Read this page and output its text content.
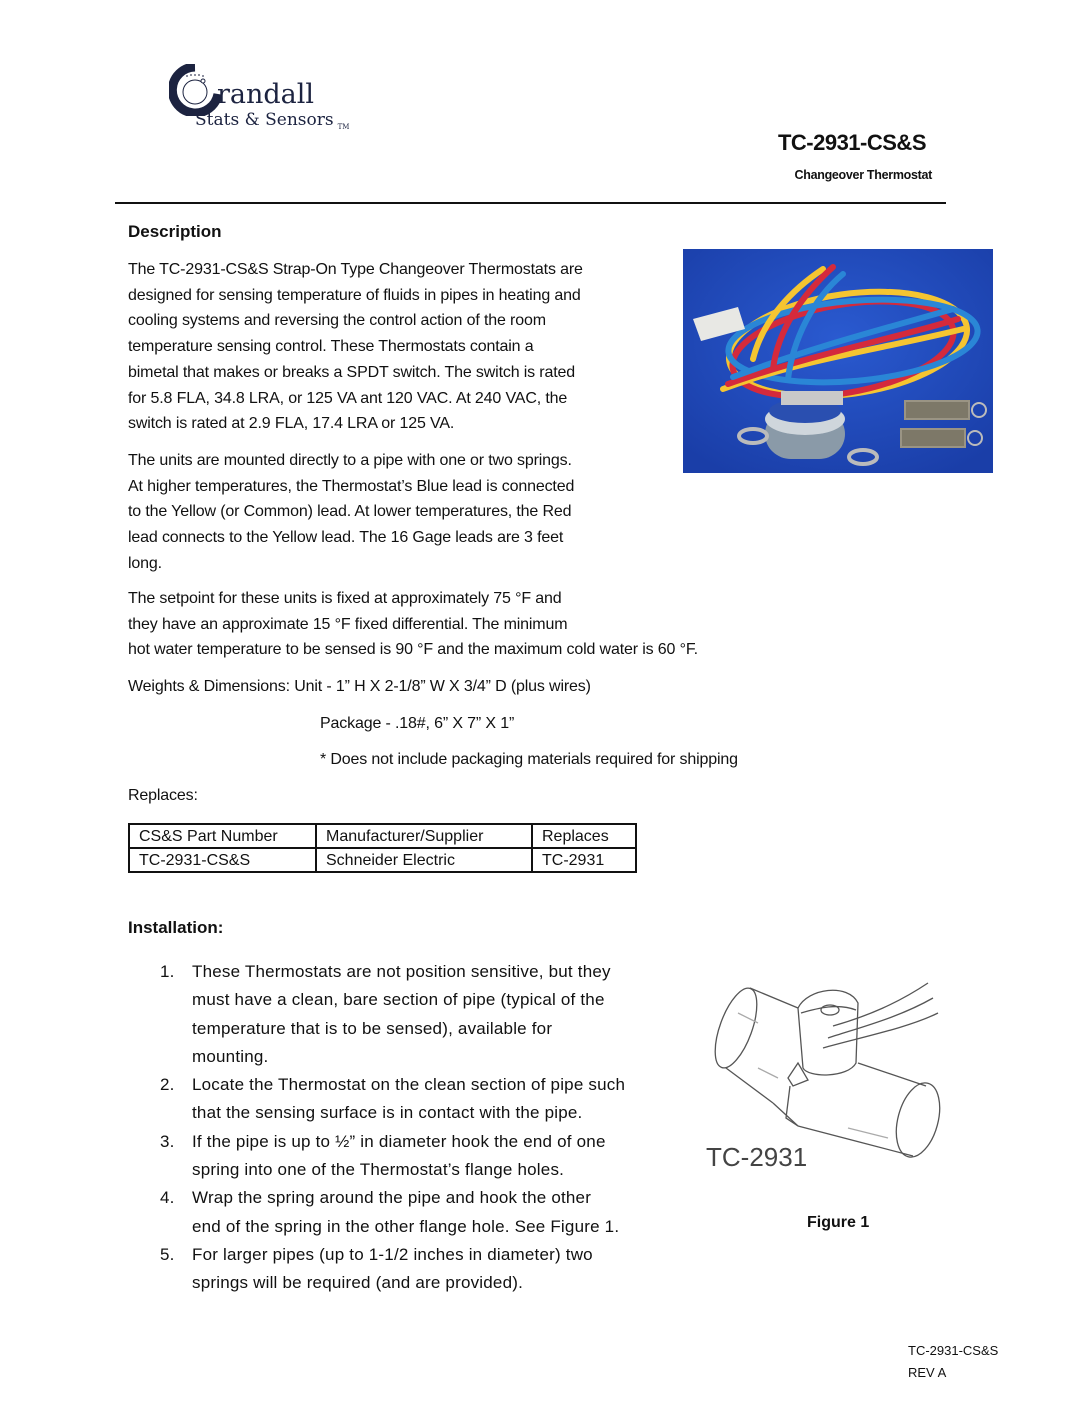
randall
Stats & Sensors $_{TM}$
TC-2931-CS&S
Changeover Thermostat
Description
The TC-2931-CS&S Strap-On Type Changeover Thermostats are
designed for sensing temperature of fluids in pipes in heating and
cooling systems and reversing the control action of the room
temperature sensing control. These Thermostats contain a
bimetal that makes or breaks a SPDT switch. The switch is rated
for 5.8 FLA, 34.8 LRA, or 125 VA ant 120 VAC. At 240 VAC, the
switch is rated at 2.9 FLA, 17.4 LRA or 125 VA.
The units are mounted directly to a pipe with one or two springs.
At higher temperatures, the Thermostat’s Blue lead is connected
to the Yellow (or Common) lead. At lower temperatures, the Red
lead connects to the Yellow lead. The 16 Gage leads are 3 feet
long.
The setpoint for these units is fixed at approximately 75 °F and
they have an approximate 15 °F fixed differential. The minimum
hot water temperature to be sensed is 90 °F and the maximum cold water is 60 °F.
Weights & Dimensions: Unit - 1” H X 2-1/8” W X 3/4” D (plus wires)
Package - .18#, 6” X 7” X 1”
* Does not include packaging materials required for shipping
Replaces:
CS&S Part Number	Manufacturer/Supplier	Replaces
TC-2931-CS&S	Schneider Electric	TC-2931
Installation:
1. These Thermostats are not position sensitive, but they
must have a clean, bare section of pipe (typical of the
temperature that is to be sensed), available for
mounting.
2. Locate the Thermostat on the clean section of pipe such
that the sensing surface is in contact with the pipe.
3. If the pipe is up to ½” in diameter hook the end of one
spring into one of the Thermostat’s flange holes.
4. Wrap the spring around the pipe and hook the other
end of the spring in the other flange hole. See Figure 1.
5. For larger pipes (up to 1-1/2 inches in diameter) two
springs will be required (and are provided).
TC-2931
Figure 1
TC-2931-CS&S
REV A
